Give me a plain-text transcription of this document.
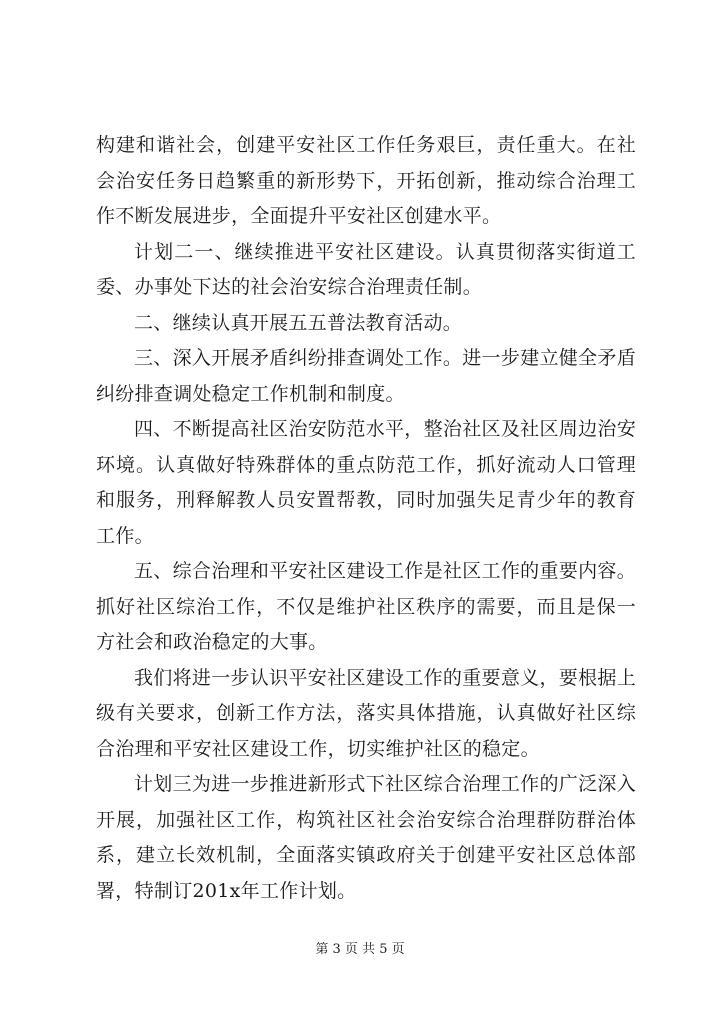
构建和谐社会，创建平安社区工作任务艰巨，责任重大。在社会治安任务日趋繁重的新形势下，开拓创新，推动综合治理工作不断发展进步，全面提升平安社区创建水平。

计划二一、继续推进平安社区建设。认真贯彻落实街道工委、办事处下达的社会治安综合治理责任制。

二、继续认真开展五五普法教育活动。

三、深入开展矛盾纠纷排查调处工作。进一步建立健全矛盾纠纷排查调处稳定工作机制和制度。

四、不断提高社区治安防范水平，整治社区及社区周边治安环境。认真做好特殊群体的重点防范工作，抓好流动人口管理和服务，刑释解教人员安置帮教，同时加强失足青少年的教育工作。

五、综合治理和平安社区建设工作是社区工作的重要内容。抓好社区综治工作，不仅是维护社区秩序的需要，而且是保一方社会和政治稳定的大事。

我们将进一步认识平安社区建设工作的重要意义，要根据上级有关要求，创新工作方法，落实具体措施，认真做好社区综合治理和平安社区建设工作，切实维护社区的稳定。

计划三为进一步推进新形式下社区综合治理工作的广泛深入开展，加强社区工作，构筑社区社会治安综合治理群防群治体系，建立长效机制，全面落实镇政府关于创建平安社区总体部署，特制订201x年工作计划。

第 3 页 共 5 页
